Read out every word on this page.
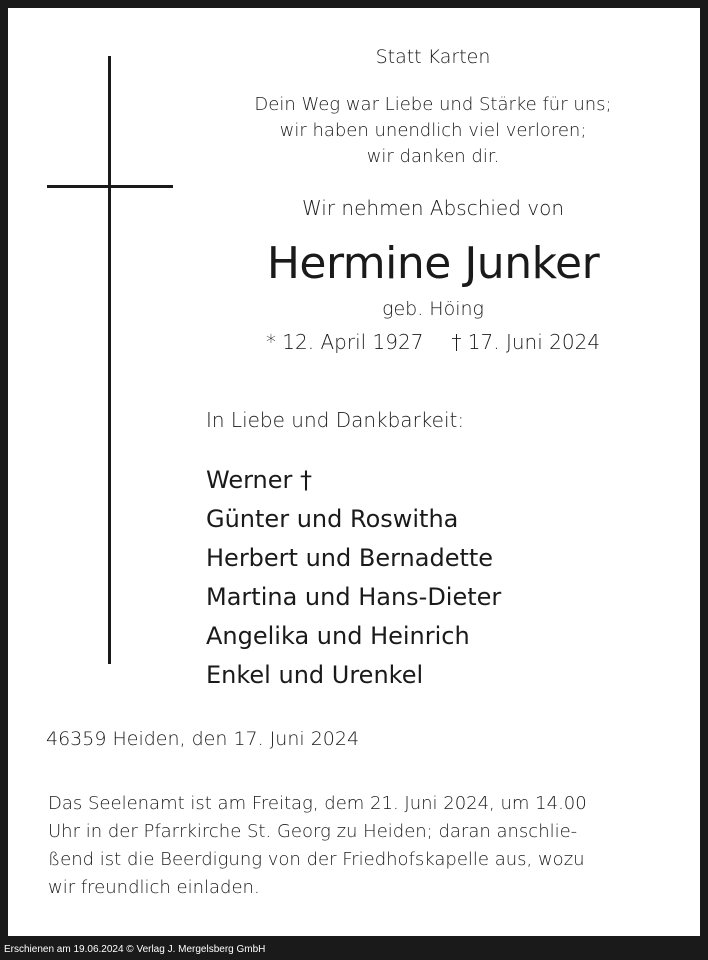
Statt Karten
Dein Weg war Liebe und Stärke für uns;
wir haben unendlich viel verloren;
wir danken dir.
Wir nehmen Abschied von
Hermine Junker
geb. Höing
* 12. April 1927 † 17. Juni 2024
In Liebe und Dankbarkeit:
Werner †
Günter und Roswitha
Herbert und Bernadette
Martina und Hans-Dieter
Angelika und Heinrich
Enkel und Urenkel
46359 Heiden, den 17. Juni 2024
Das Seelenamt ist am Freitag, dem 21. Juni 2024, um 14.00
Uhr in der Pfarrkirche St. Georg zu Heiden; daran anschlie-
ßend ist die Beerdigung von der Friedhofskapelle aus, wozu
wir freundlich einladen.
Erschienen am 19.06.2024 © Verlag J. Mergelsberg GmbH
